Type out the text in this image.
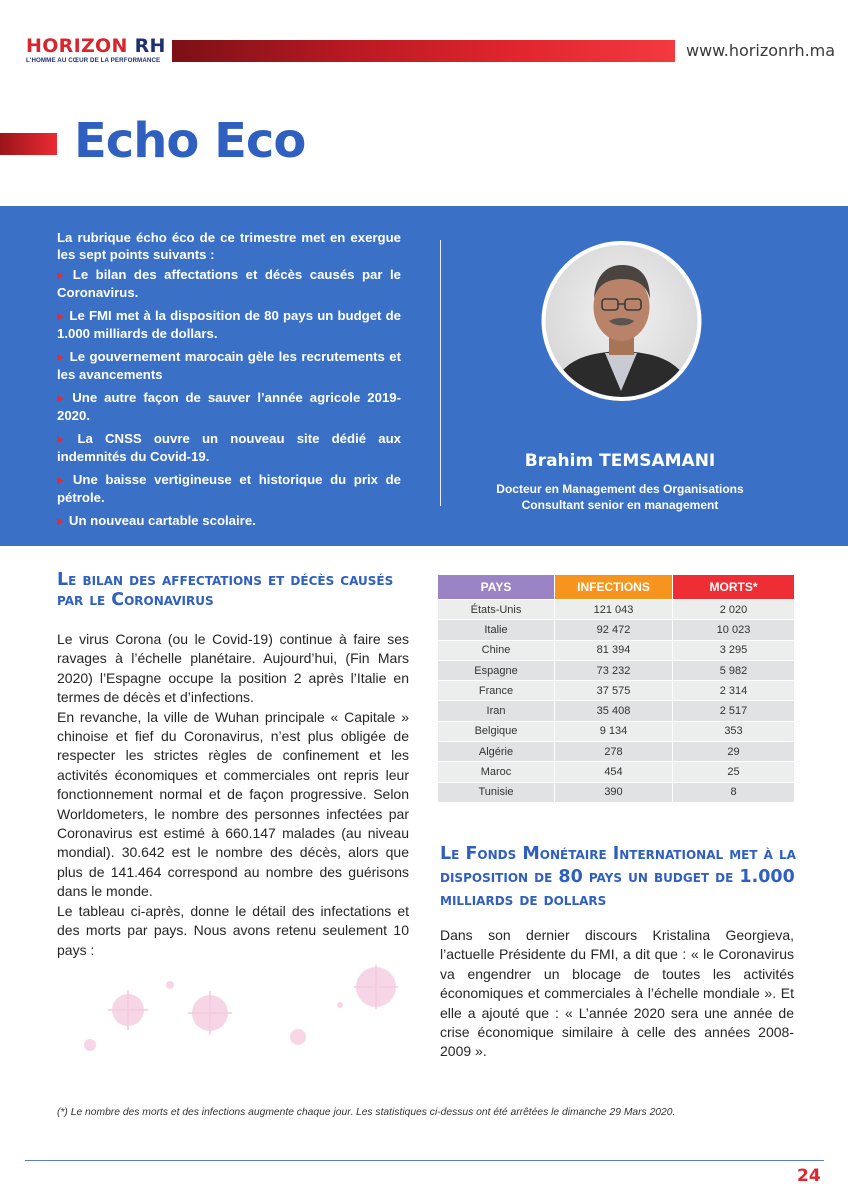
HORIZON RH
L'HOMME AU CŒUR DE LA PERFORMANCE
www.horizonrh.ma
Echo Eco

La rubrique écho éco de ce trimestre met en exergue les sept points suivants :

▶ Le bilan des affectations et décès causés par le Coronavirus.

▶ Le FMI met à la disposition de 80 pays un budget de 1.000 milliards de dollars.

▶ Le gouvernement marocain gèle les recrutements et les avancements

▶ Une autre façon de sauver l’année agricole 2019-2020.

▶ La CNSS ouvre un nouveau site dédié aux indemnités du Covid-19.

▶ Une baisse vertigineuse et historique du prix de pétrole.

▶ Un nouveau cartable scolaire.

Brahim TEMSAMANI
Docteur en Management des Organisations
Consultant senior en management
Le bilan des affectations et décès causés par le Coronavirus

Le virus Corona (ou le Covid-19) continue à faire ses ravages à l’échelle planétaire. Aujourd’hui, (Fin Mars 2020) l’Espagne occupe la position 2 après l’Italie en termes de décès et d’infections.

En revanche, la ville de Wuhan principale « Capitale » chinoise et fief du Coronavirus, n’est plus obligée de respecter les strictes règles de confinement et les activités économiques et commerciales ont repris leur fonctionnement normal et de façon progressive. Selon Worldometers, le nombre des personnes infectées par Coronavirus est estimé à 660.147 malades (au niveau mondial). 30.642 est le nombre des décès, alors que plus de 141.464 correspond au nombre des guérisons dans le monde.

Le tableau ci-après, donne le détail des infectations et des morts par pays. Nous avons retenu seulement 10 pays :

PAYS	INFECTIONS	MORTS*
États-Unis	121 043	2 020
Italie	92 472	10 023
Chine	81 394	3 295
Espagne	73 232	5 982
France	37 575	2 314
Iran	35 408	2 517
Belgique	9 134	353
Algérie	278	29
Maroc	454	25
Tunisie	390	8
Le Fonds Monétaire International met à la disposition de 80 pays un budget de 1.000 milliards de dollars

Dans son dernier discours Kristalina Georgieva, l’actuelle Présidente du FMI, a dit que : « le Coronavirus va engendrer un blocage de toutes les activités économiques et commerciales à l’échelle mondiale ». Et elle a ajouté que : « L’année 2020 sera une année de crise économique similaire à celle des années 2008-2009 ».

(*) Le nombre des morts et des infections augmente chaque jour. Les statistiques ci-dessus ont été arrêtées le dimanche 29 Mars 2020.
24
